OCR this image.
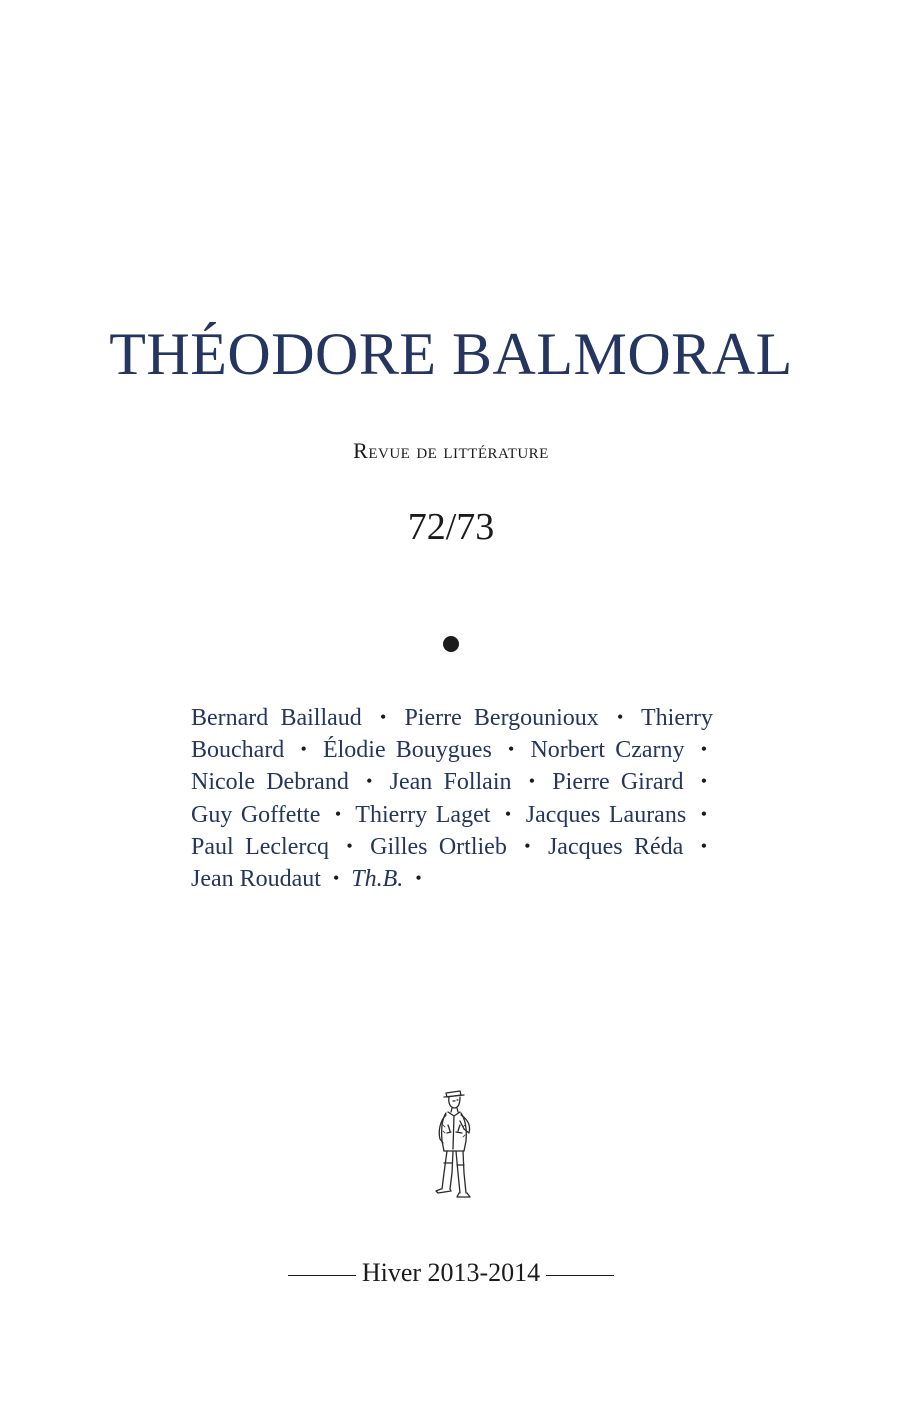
THÉODORE BALMORAL
Revue de littérature
72/73
Bernard Baillaud • Pierre Bergounioux • Thierry Bouchard • Élodie Bouygues • Norbert Czarny • Nicole Debrand • Jean Follain • Pierre Girard • Guy Goffette • Thierry Laget • Jacques Laurans • Paul Leclercq • Gilles Ortlieb • Jacques Réda • Jean Roudaut • Th.B. •
Hiver 2013-2014
